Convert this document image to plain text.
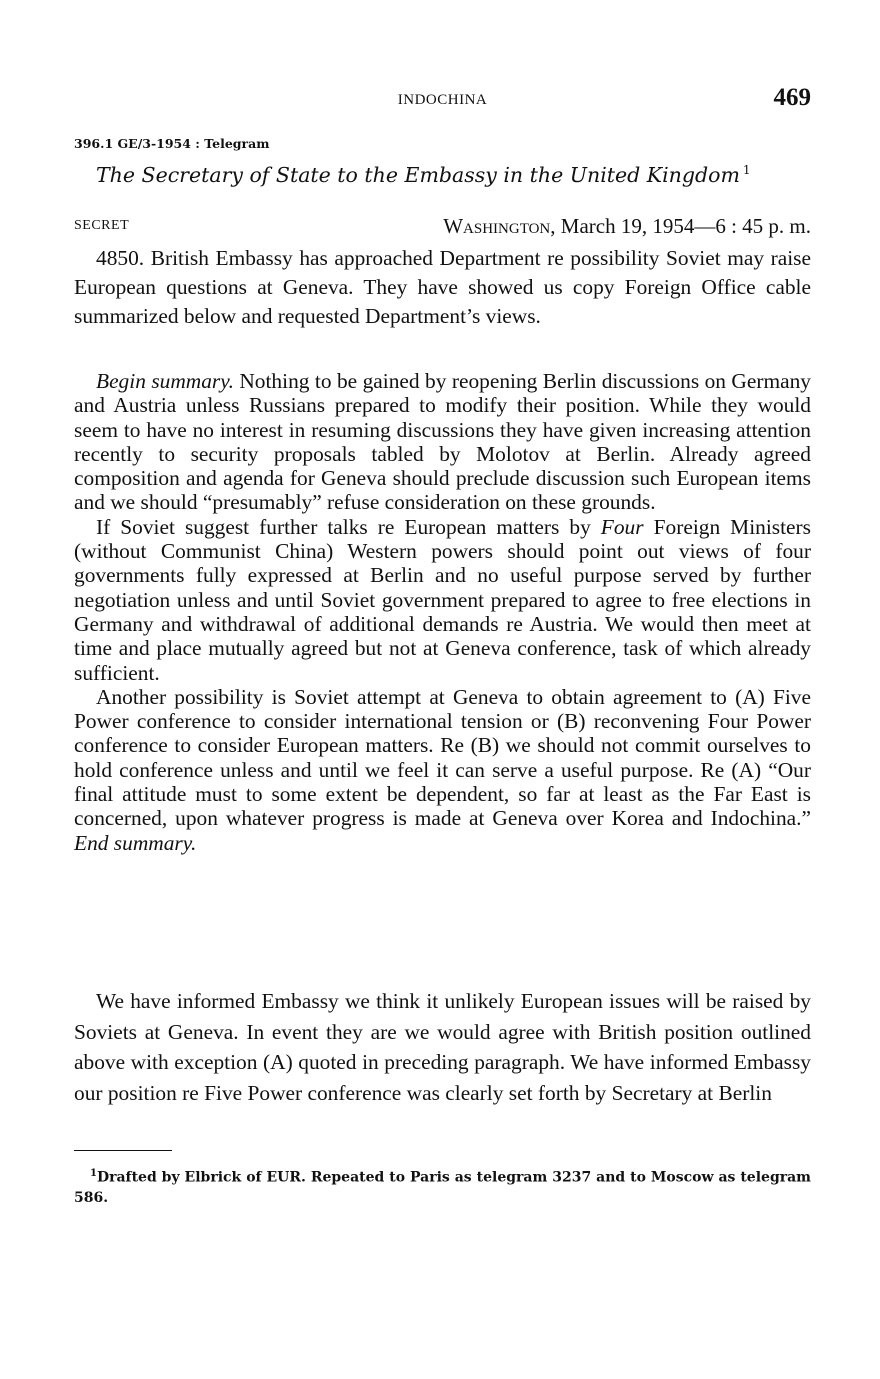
INDOCHINA	469
396.1 GE/3-1954 : Telegram
The Secretary of State to the Embassy in the United Kingdom $^1$
SECRET	Washington, March 19, 1954—6 : 45 p. m.

4850. British Embassy has approached Department re possibility Soviet may raise European questions at Geneva. They have showed us copy Foreign Office cable summarized below and requested Department’s views.

Begin summary. Nothing to be gained by reopening Berlin discussions on Germany and Austria unless Russians prepared to modify their position. While they would seem to have no interest in resuming discussions they have given increasing attention recently to security proposals tabled by Molotov at Berlin. Already agreed composition and agenda for Geneva should preclude discussion such European items and we should “presumably” refuse consideration on these grounds.

If Soviet suggest further talks re European matters by Four Foreign Ministers (without Communist China) Western powers should point out views of four governments fully expressed at Berlin and no useful purpose served by further negotiation unless and until Soviet government prepared to agree to free elections in Germany and withdrawal of additional demands re Austria. We would then meet at time and place mutually agreed but not at Geneva conference, task of which already sufficient.

Another possibility is Soviet attempt at Geneva to obtain agreement to (A) Five Power conference to consider international tension or (B) reconvening Four Power conference to consider European matters. Re (B) we should not commit ourselves to hold conference unless and until we feel it can serve a useful purpose. Re (A) “Our final attitude must to some extent be dependent, so far at least as the Far East is concerned, upon whatever progress is made at Geneva over Korea and Indochina.” End summary.

We have informed Embassy we think it unlikely European issues will be raised by Soviets at Geneva. In event they are we would agree with British position outlined above with exception (A) quoted in preceding paragraph. We have informed Embassy our position re Five Power conference was clearly set forth by Secretary at Berlin

$^1$Drafted by Elbrick of EUR. Repeated to Paris as telegram 3237 and to Moscow as telegram 586.
